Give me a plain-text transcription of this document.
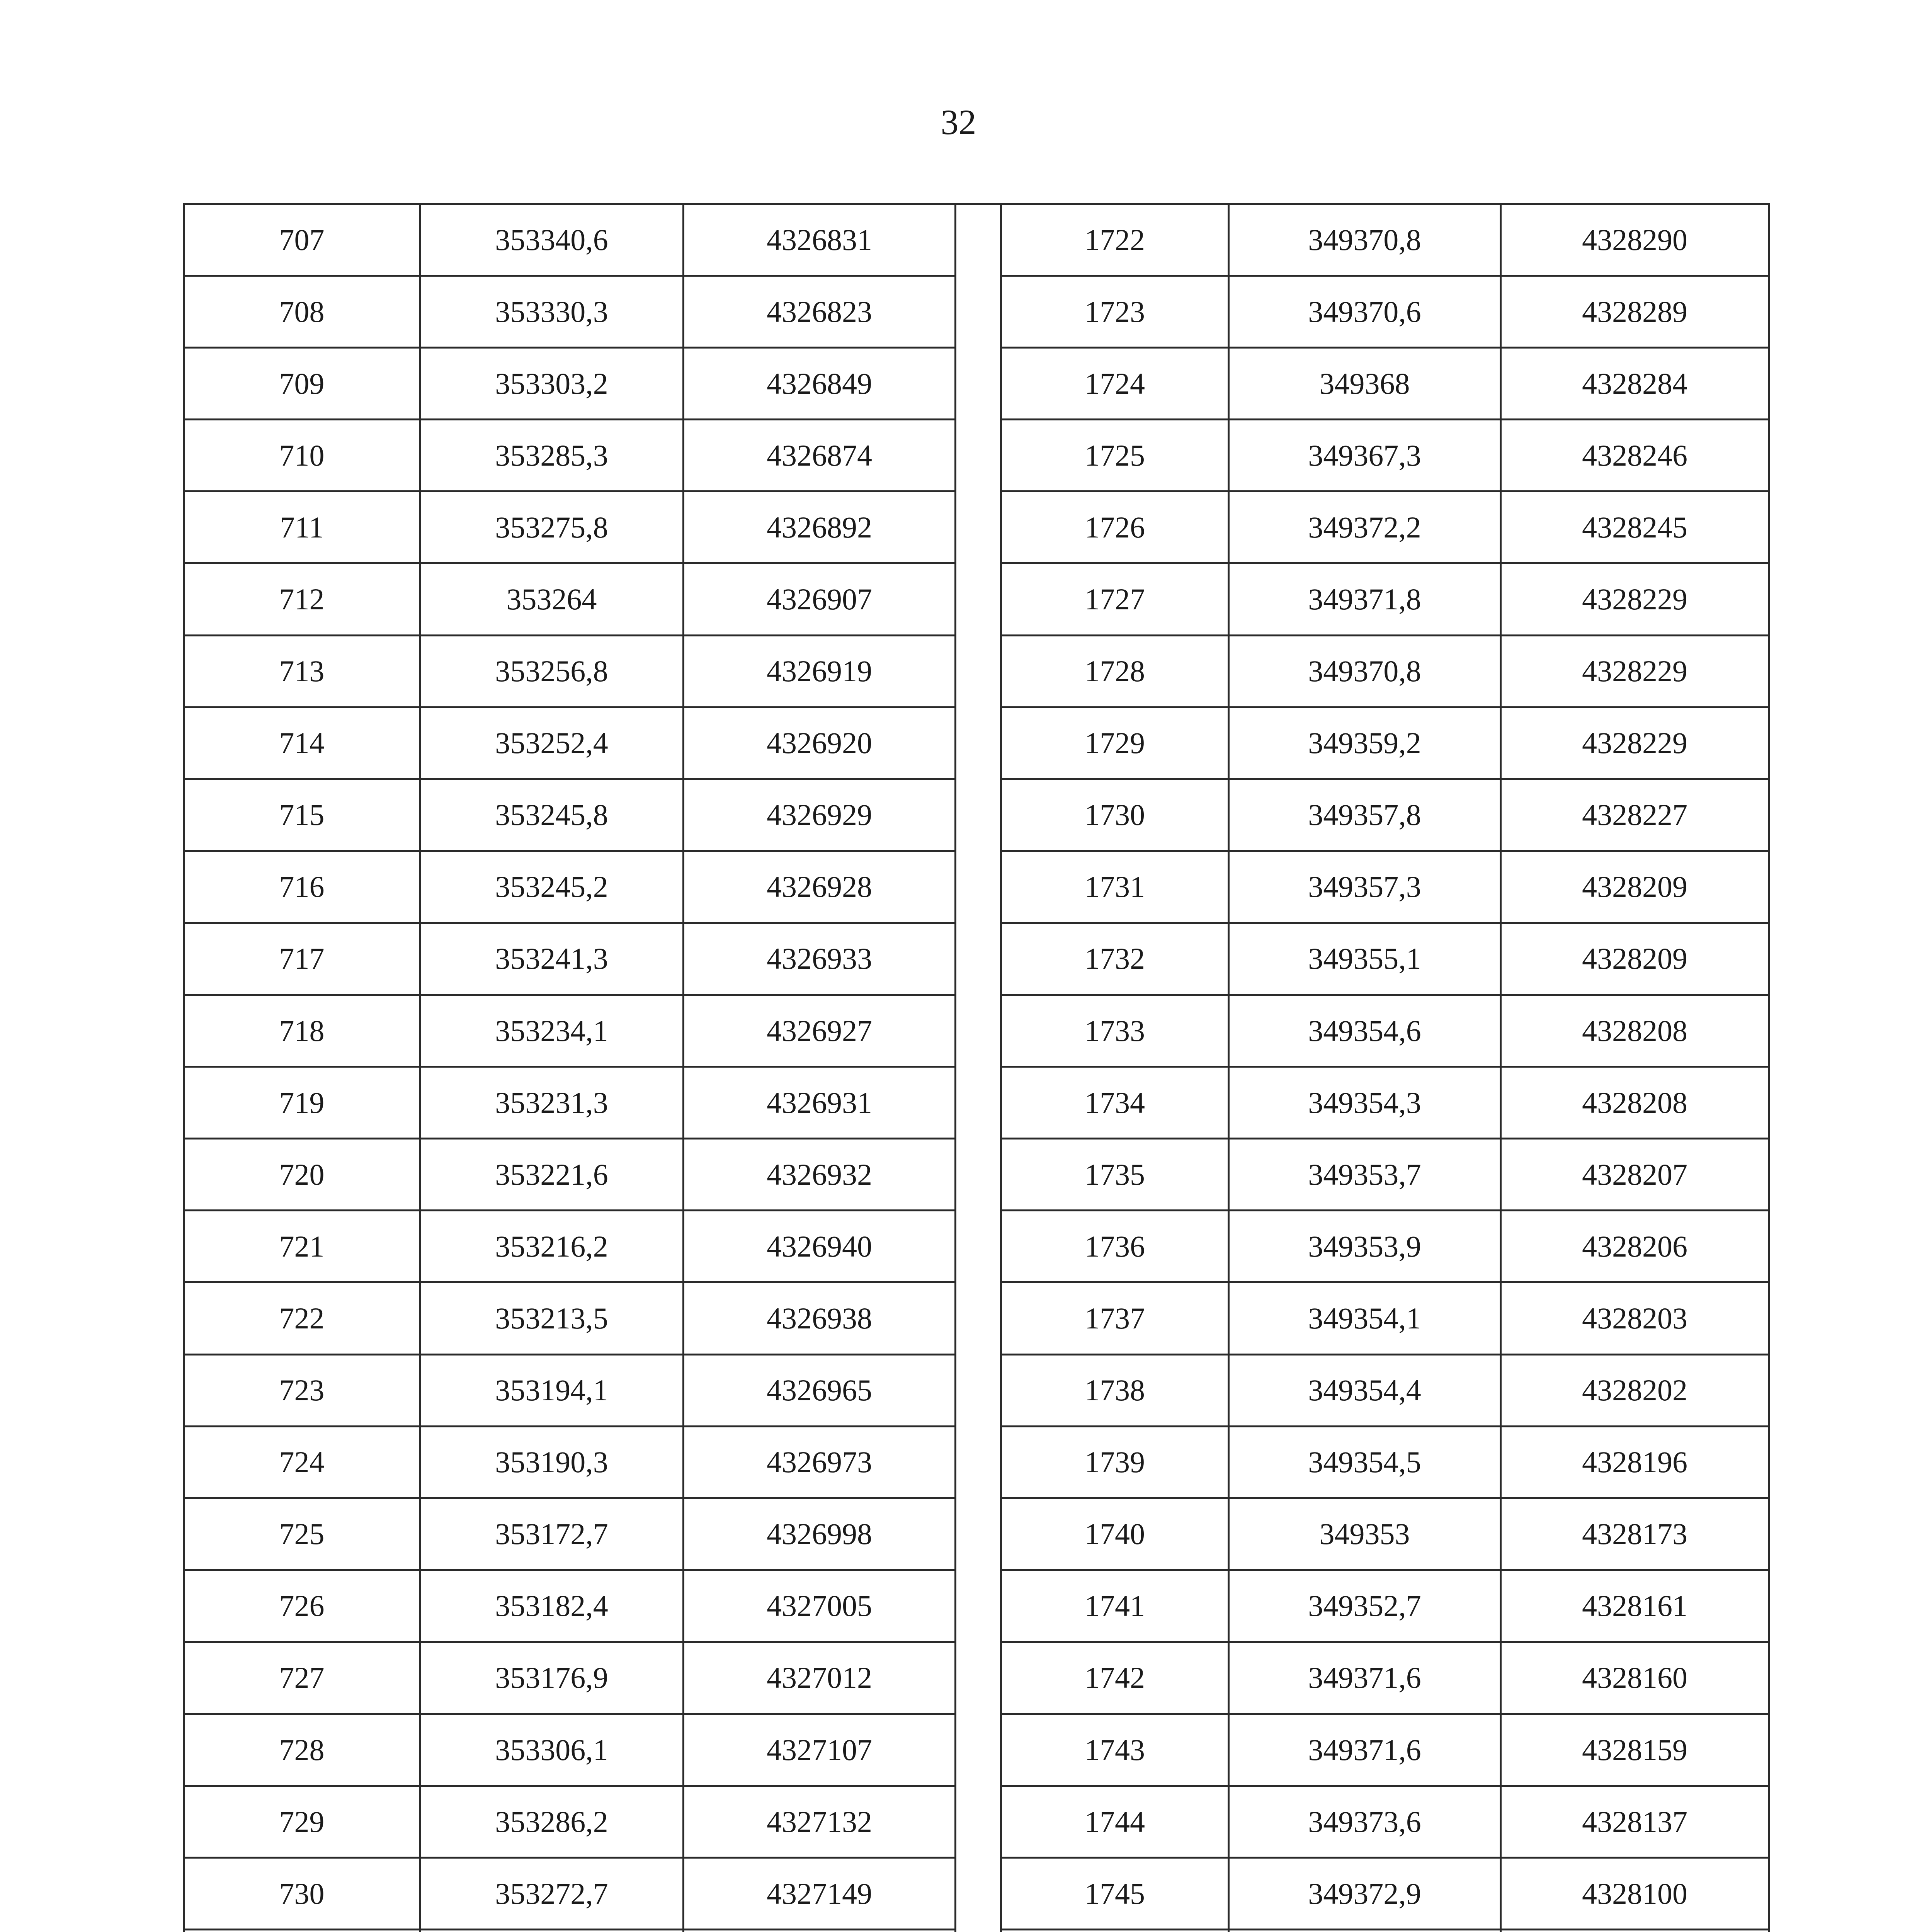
32
707	353340,6	4326831		1722	349370,8	4328290
708	353330,3	4326823		1723	349370,6	4328289
709	353303,2	4326849		1724	349368	4328284
710	353285,3	4326874		1725	349367,3	4328246
711	353275,8	4326892		1726	349372,2	4328245
712	353264	4326907		1727	349371,8	4328229
713	353256,8	4326919		1728	349370,8	4328229
714	353252,4	4326920		1729	349359,2	4328229
715	353245,8	4326929		1730	349357,8	4328227
716	353245,2	4326928		1731	349357,3	4328209
717	353241,3	4326933		1732	349355,1	4328209
718	353234,1	4326927		1733	349354,6	4328208
719	353231,3	4326931		1734	349354,3	4328208
720	353221,6	4326932		1735	349353,7	4328207
721	353216,2	4326940		1736	349353,9	4328206
722	353213,5	4326938		1737	349354,1	4328203
723	353194,1	4326965		1738	349354,4	4328202
724	353190,3	4326973		1739	349354,5	4328196
725	353172,7	4326998		1740	349353	4328173
726	353182,4	4327005		1741	349352,7	4328161
727	353176,9	4327012		1742	349371,6	4328160
728	353306,1	4327107		1743	349371,6	4328159
729	353286,2	4327132		1744	349373,6	4328137
730	353272,7	4327149		1745	349372,9	4328100
